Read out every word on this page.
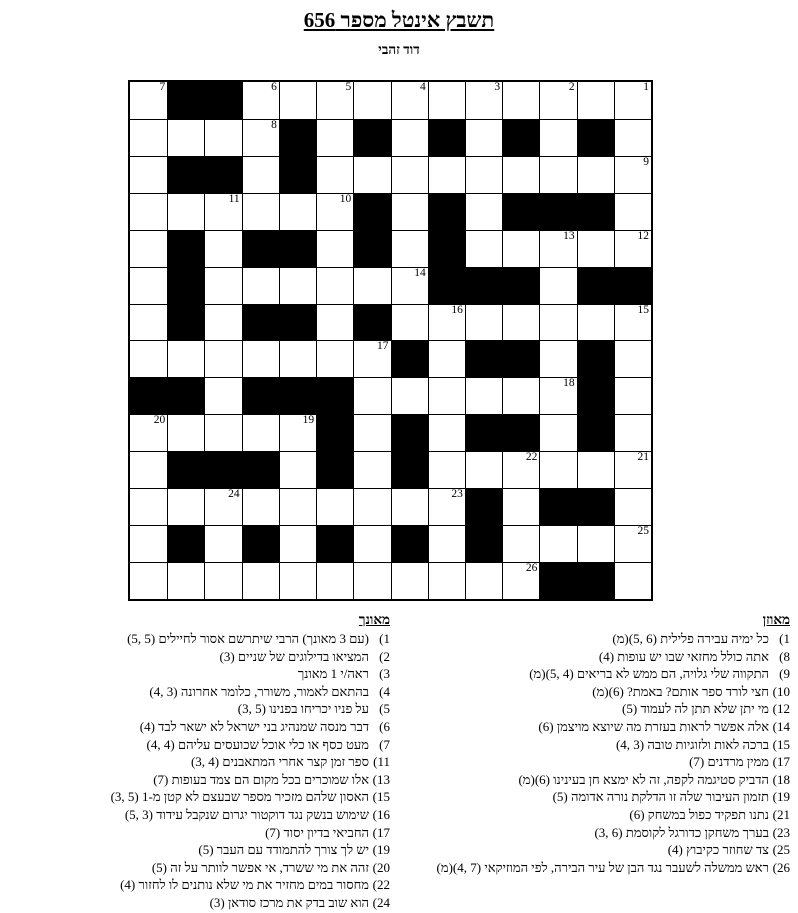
תשבץ אינטל מספר 656
דוד זהבי
7	6	5	4	3	2	1
8
9
11	10
13	12
14
16	15
17
18
20	19
22	21
24	23
25
26
מאוזן
1)כל ימיה עבירה פלילית (5, 6)(מ)
8)אתה כולל מחזאי שבו יש עופות (4)
9)התקווה שלי גלויה, הם ממש לא בריאים (5, 4)(מ)
10)חצי לורד ספר אותם? באמת? (6)(מ)
12)מי יתן שלא תתן לה לעמוד (5)
14)אלה אפשר לראות בעזרת מה שיוצא מויצמן (6)
15)ברכה לאות ולזוגיות טובה (4, 3)
17)ממין מרדנים (7)
18)הדביק סטיגמה לקפה, זה לא ימצא חן בעינינו (6)(מ)
19)תזמון העיבור שלה זו הדלקת נורה אדומה (5)
21)נתנו תפקיד כפול במשחק (6)
23)בערך משחקן כדורגל לקוסמת (3, 6)
25)צד שחוזר כקיבוץ (4)
26)ראש ממשלה לשעבר נגד הבן של עיר הבירה, לפי המוזיקאי (4, 7)(מ)
מאונך
1)(עם 3 מאונך) הרבי שיתרשם אסור לחיילים (5, 5)
2)המציאו בדילוגים של שניים (3)
3)ראה/י 1 מאונך
4)בהתאם לאמור, משורר, כלומר אחרונה (4, 3)
5)על פניו יכריחו בפנינו (3, 5)
6)דבר מנסה שמנהיג בני ישראל לא ישאר לבד (4)
7)מעט כסף או כלי אוכל שכועסים עליהם (4, 4)
11)ספר זמן קצר אחרי המתאבנים (3, 4)
13)אלו שמוכרים בכל מקום הם צמד בעופות (7)
15)האסון שלהם מזכיר מספר שבעצם לא קטן מ-1 (3, 5)
16)שימוש בנשק נגד דוקטור יגרום שנקבל עידוד (5, 3)
17)החביאי בדיון יסוד (7)
19)יש לך צורך להתמודד עם העבר (5)
20)זהה את מי ששרד, אי אפשר לוותר על זה (5)
22)מחסור במים מחזיר את מי שלא נותנים לו לחזור (4)
24)הוא שוב בדק את מרכז סודאן (3)
